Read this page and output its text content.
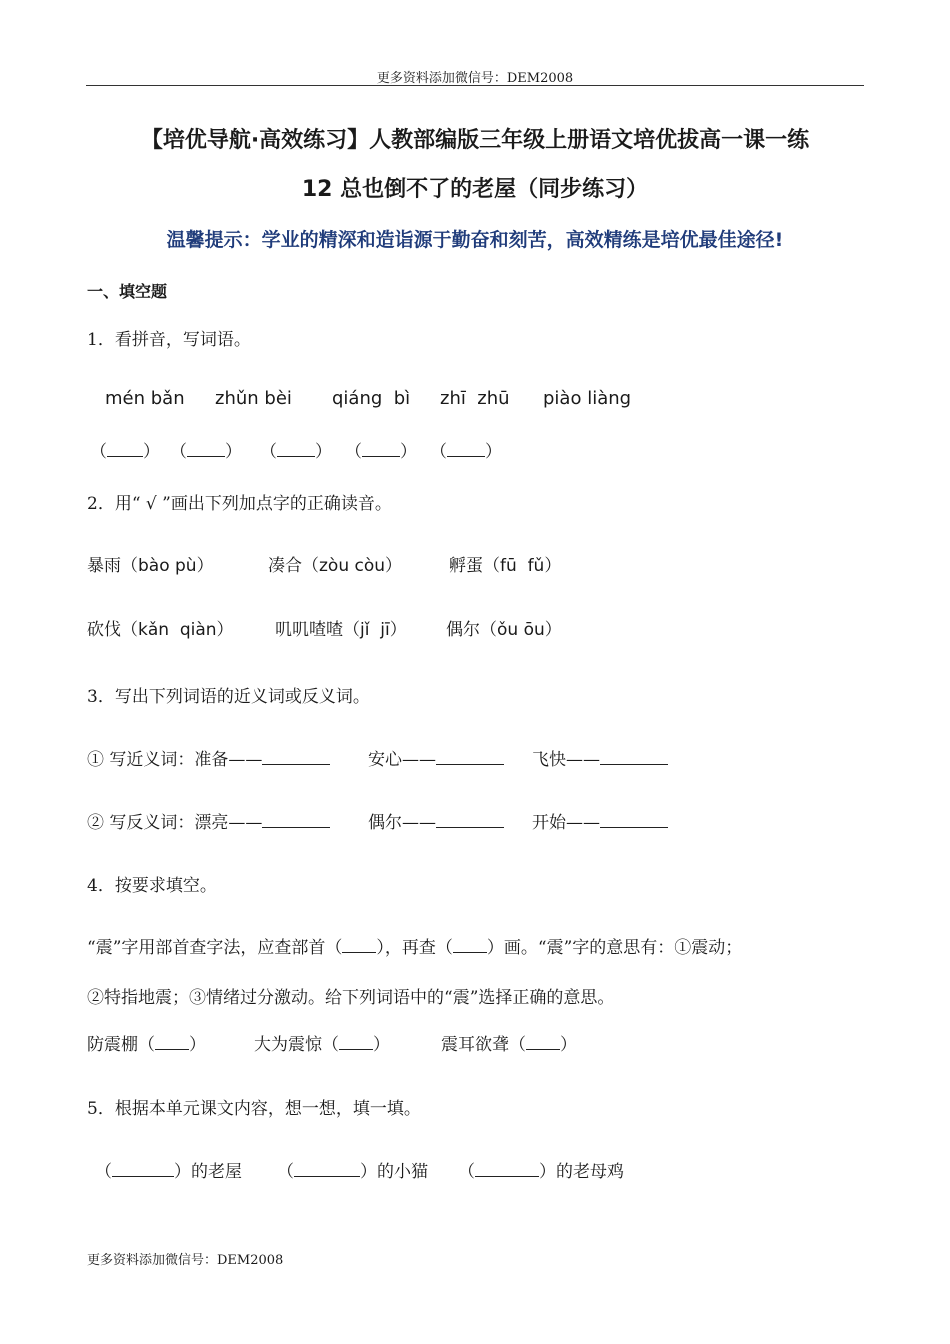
更多资料添加微信号：DEM2008
【培优导航·高效练习】人教部编版三年级上册语文培优拔高一课一练
12 总也倒不了的老屋（同步练习）
温馨提示：学业的精深和造诣源于勤奋和刻苦，高效精练是培优最佳途径!
一、填空题
1．看拼音，写词语。
mén bǎn zhǔn bèi qiáng  bì zhī  zhū piào liàng
（ ） （ ） （ ） （ ） （ ）
2．用“ √ ”画出下列加点字的正确读音。
暴雨（bào pù）	凑合（zòu còu）	孵蛋（fū  fǔ）
砍伐（kǎn  qiàn） 叽叽喳喳（jǐ  jī） 偶尔（ǒu ōu）
3．写出下列词语的近义词或反义词。
① 写近义词：准备——	安心——	飞快——
② 写反义词：漂亮——	偶尔——	开始——
4．按要求填空。
“震”字用部首查字法，应查部首（ ），再查（ ）画。“震”字的意思有：①震动；
②特指地震；③情绪过分激动。给下列词语中的“震”选择正确的意思。
防震棚（ ）	大为震惊（ ）	震耳欲聋（ ）
5．根据本单元课文内容，想一想，填一填。
（	）的老屋 （	）的小猫 （	）的老母鸡
更多资料添加微信号：DEM2008
